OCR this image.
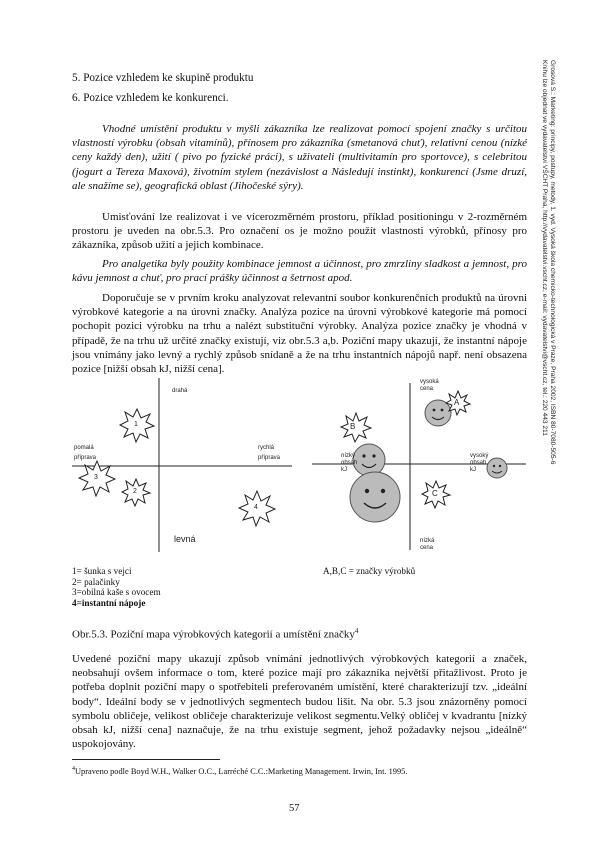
Grosová S.: Marketing: principy, postupy, metody, 1. vyd. Vysoká škola chemicko-technologická v Praze, Praha 2002, ISBN 80-7080-505-6
Knihu lze objednat ve vydavatelství VŠCHT Praha, http://vydavatelstvi.vscht.cz, e-mail: vydavatelstvi@vscht.cz, tel.: 220 443 211
5. Pozice vzhledem ke skupině produktu
6. Pozice vzhledem ke konkurenci.

Vhodné umístění produktu v myšli zákazníka lze realizovat pomocí spojení značky s určitou vlastností výrobku (obsah vitamínů), přínosem pro zákazníka (smetanová chuť), relativní cenou (nízké ceny každý den), užití ( pivo po fyzické práci), s uživateli (multivitamín pro sportovce), s celebritou (jogurt a Tereza Maxová), životním stylem (nezávislost a Následují instinkt), konkurencí (Jsme druzí, ale snažíme se), geografická oblast (Jihočeské sýry).

Umisťování lze realizovat i ve vícerozměrném prostoru, příklad positioningu v 2-rozměrném prostoru je uveden na obr.5.3. Pro označení os je možno použít vlastnosti výrobků, přínosy pro zákazníka, způsob užití a jejich kombinace.

Pro analgetika byly použity kombinace jemnost a účinnost, pro zmrzliny sladkost a jemnost, pro kávu jemnost a chuť, pro prací prášky účinnost a šetrnost apod.

Doporučuje se v prvním kroku analyzovat relevantní soubor konkurenčních produktů na úrovni výrobkové kategorie a na úrovni značky. Analýza pozice na úrovni výrobkové kategorie má pomocí pochopit pozici výrobku na trhu a nalézt substituční výrobky. Analýza pozice značky je vhodná v případě, že na trhu už určité značky existují, viz obr.5.3 a,b. Poziční mapy ukazují, že instantní nápoje jsou vnímány jako levný a rychlý způsob snídaně a že na trhu instantních nápojů např. není obsazena pozice [nižší obsah kJ, nižší cena].

drahá
pomalá
příprava
rychlá
příprava
levná
1
2
3
4
vysoká cena
nízký obsah kJ
vysoký obsah kJ
nízká cena
B
A
C
1= šunka s vejci
2= palačinky
3=obilná kaše s ovocem
4=instantní nápoje
A,B,C = značky výrobků
Obr.5.3. Poziční mapa výrobkových kategorií a umístění značky$^4$

Uvedené poziční mapy ukazují způsob vnímání jednotlivých výrobkových kategorií a značek, neobsahují ovšem informace o tom, které pozice mají pro zákazníka největší přitažlivost. Proto je potřeba doplnit poziční mapy o spotřebiteli preferovaném umístění, které charakterizují tzv. „ideální body“. Ideální body se v jednotlivých segmentech budou lišit. Na obr. 5.3 jsou znázorněny pomocí symbolu obličeje, velikost obličeje charakterizuje velikost segmentu.Velký obličej v kvadrantu [nízký obsah kJ, nižší cena] naznačuje, že na trhu existuje segment, jehož požadavky nejsou „ideálně“ uspokojovány.

$^4$Upraveno podle Boyd W.H., Walker O.C., Larréché C.C.:Marketing Management. Irwin, Int. 1995.
57
